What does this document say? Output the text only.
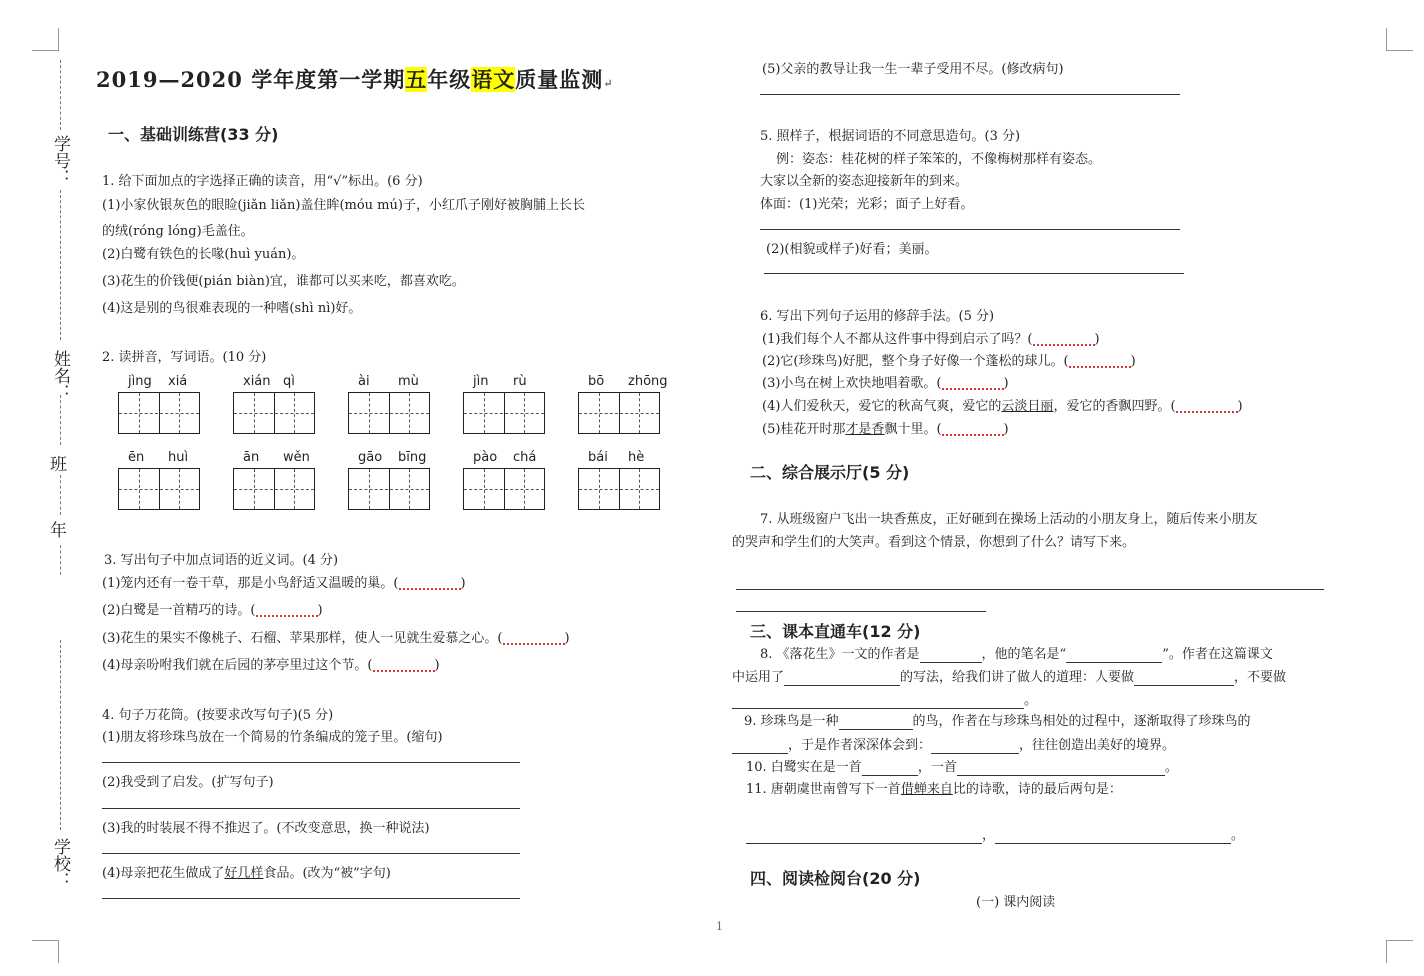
学号：
姓名：
班
年
学校：
2019—2020 学年度第一学期五年级语文质量监测↵
一、基础训练营(33 分)
1. 给下面加点的字选择正确的读音，用“√”标出。(6 分)
(1)小家伙银灰色的眼睑(jiǎn liǎn)盖住眸(móu mú)子，小红爪子刚好被胸脯上长长
的绒(róng lóng)毛盖住。
(2)白鹭有铁色的长喙(huì yuán)。
(3)花生的价钱便(pián biàn)宜，谁都可以买来吃，都喜欢吃。
(4)这是别的鸟很难表现的一种嗜(shì nì)好。
2. 读拼音，写词语。(10 分)
jìng xiá	xián qì	ài mù	jìn rù	bō zhōng
ēn huì	ān wěn	gāo bīng	pào chá	bái hè
3. 写出句子中加点词语的近义词。(4 分)
(1)笼内还有一卷干草，那是小鸟舒适又温暖的巢。(	)
(2)白鹭是一首精巧的诗。(	)
(3)花生的果实不像桃子、石榴、苹果那样，使人一见就生爱慕之心。(	)
(4)母亲吩咐我们就在后园的茅亭里过这个节。(	)
4. 句子万花筒。(按要求改写句子)(5 分)
(1)朋友将珍珠鸟放在一个简易的竹条编成的笼子里。(缩句)
(2)我受到了启发。(扩写句子)
(3)我的时装展不得不推迟了。(不改变意思，换一种说法)
(4)母亲把花生做成了好几样食品。(改为“被”字句)
(5)父亲的教导让我一生一辈子受用不尽。(修改病句)
5. 照样子，根据词语的不同意思造句。(3 分)
例：姿态：桂花树的样子笨笨的，不像梅树那样有姿态。
大家以全新的姿态迎接新年的到来。
体面：(1)光荣；光彩；面子上好看。
(2)(相貌或样子)好看；美丽。
6. 写出下列句子运用的修辞手法。(5 分)
(1)我们每个人不都从这件事中得到启示了吗？(	)
(2)它(珍珠鸟)好肥，整个身子好像一个蓬松的球儿。(	)
(3)小鸟在树上欢快地唱着歌。(	)
(4)人们爱秋天，爱它的秋高气爽，爱它的云淡日丽，爱它的香飘四野。(	)
(5)桂花开时那才是香飘十里。(	)
二、综合展示厅(5 分)
7. 从班级窗户飞出一块香蕉皮，正好砸到在操场上活动的小朋友身上，随后传来小朋友
的哭声和学生们的大笑声。看到这个情景，你想到了什么？请写下来。
三、课本直通车(12 分)
8. 《落花生》一文的作者是	，他的笔名是“	”。作者在这篇课文
中运用了	的写法，给我们讲了做人的道理：人要做	，不要做
。
9. 珍珠鸟是一种	的鸟，作者在与珍珠鸟相处的过程中，逐渐取得了珍珠鸟的
，于是作者深深体会到：	，往往创造出美好的境界。
10. 白鹭实在是一首	，一首	。
11. 唐朝虞世南曾写下一首借蝉来自比的诗歌，诗的最后两句是：
，	。
四、阅读检阅台(20 分)
(一) 课内阅读
1
